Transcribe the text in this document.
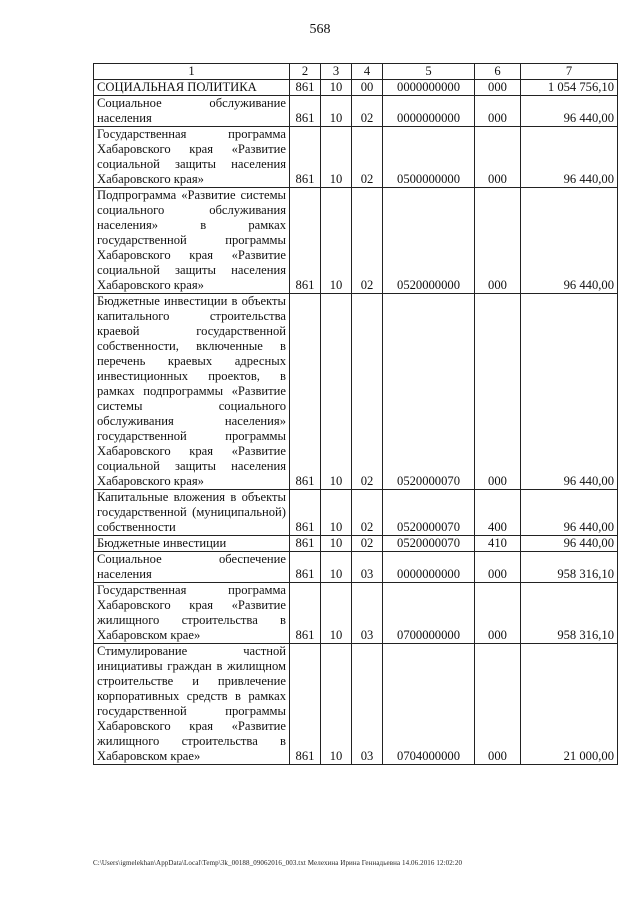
568
1	2	3	4	5	6	7
СОЦИАЛЬНАЯ ПОЛИТИКА	861	10	00	0000000000	000	1 054 756,10
Социальное обслуживание населения	861	10	02	0000000000	000	96 440,00
Государственная программа Хабаровского края «Развитие социальной защиты населения Хабаровского края»	861	10	02	0500000000	000	96 440,00
Подпрограмма «Развитие системы социального обслуживания населения» в рамках государственной программы Хабаровского края «Развитие социальной защиты населения Хабаровского края»	861	10	02	0520000000	000	96 440,00
Бюджетные инвестиции в объекты капитального строительства краевой государственной собственности, включенные в перечень краевых адресных инвестиционных проектов, в рамках подпрограммы «Развитие системы социального обслуживания населения» государственной программы Хабаровского края «Развитие социальной защиты населения Хабаровского края»	861	10	02	0520000070	000	96 440,00
Капитальные вложения в объекты государственной (муниципальной) собственности	861	10	02	0520000070	400	96 440,00
Бюджетные инвестиции	861	10	02	0520000070	410	96 440,00
Социальное обеспечение населения	861	10	03	0000000000	000	958 316,10
Государственная программа Хабаровского края «Развитие жилищного строительства в Хабаровском крае»	861	10	03	0700000000	000	958 316,10
Стимулирование частной инициативы граждан в жилищном строительстве и привлечение корпоративных средств в рамках государственной программы Хабаровского края «Развитие жилищного строительства в Хабаровском крае»	861	10	03	0704000000	000	21 000,00
C:\Users\igmelekhan\AppData\Local\Temp\3k_00188_09062016_003.txt Мелехина Ирина Геннадьевна 14.06.2016 12:02:20
